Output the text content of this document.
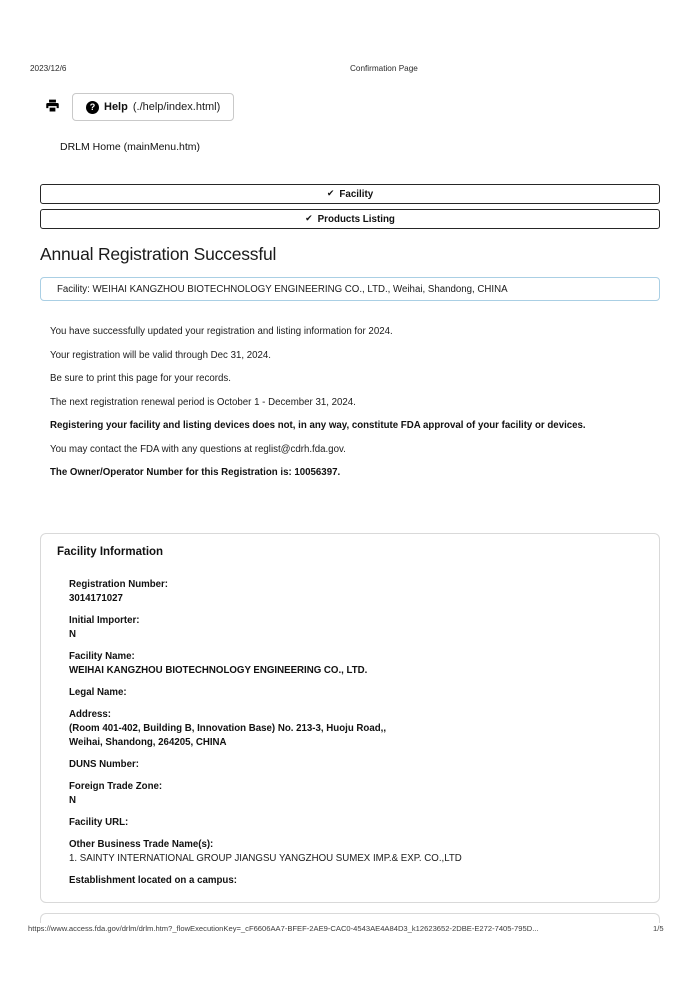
2023/12/6	Confirmation Page
? Help (./help/index.html)
DRLM Home (mainMenu.htm)
✔ Facility
✔ Products Listing
Annual Registration Successful
Facility: WEIHAI KANGZHOU BIOTECHNOLOGY ENGINEERING CO., LTD., Weihai, Shandong, CHINA

You have successfully updated your registration and listing information for 2024.

Your registration will be valid through Dec 31, 2024.

Be sure to print this page for your records.

The next registration renewal period is October 1 - December 31, 2024.

Registering your facility and listing devices does not, in any way, constitute FDA approval of your facility or devices.

You may contact the FDA with any questions at reglist@cdrh.fda.gov.

The Owner/Operator Number for this Registration is: 10056397.

Facility Information
Registration Number:
3014171027
Initial Importer:
N
Facility Name:
WEIHAI KANGZHOU BIOTECHNOLOGY ENGINEERING CO., LTD.
Legal Name:
Address:
(Room 401-402, Building B, Innovation Base) No. 213-3, Huoju Road,,
Weihai, Shandong, 264205, CHINA
DUNS Number:
Foreign Trade Zone:
N
Facility URL:
Other Business Trade Name(s):
1. SAINTY INTERNATIONAL GROUP JIANGSU YANGZHOU SUMEX IMP.& EXP. CO.,LTD
Establishment located on a campus:
https://www.access.fda.gov/drlm/drlm.htm?_flowExecutionKey=_cF6606AA7-BFEF-2AE9-CAC0-4543AE4A84D3_k12623652-2DBE-E272-7405-795D...	1/5
